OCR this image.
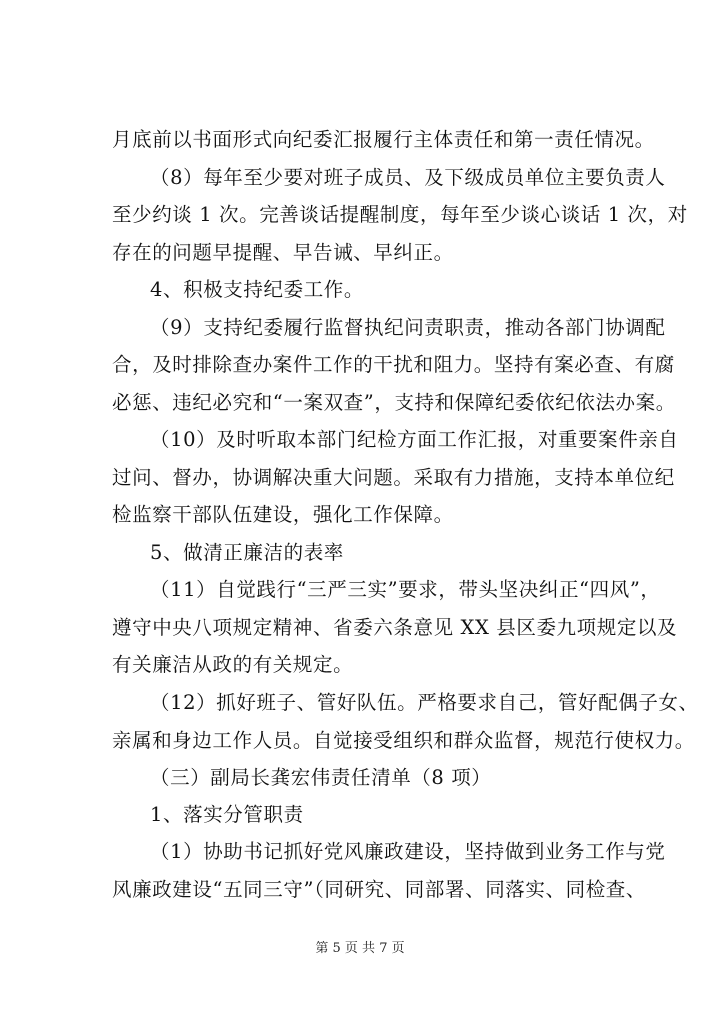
月底前以书面形式向纪委汇报履行主体责任和第一责任情况。
（8）每年至少要对班子成员、及下级成员单位主要负责人
至少约谈 1 次。完善谈话提醒制度，每年至少谈心谈话 1 次，对
存在的问题早提醒、早告诫、早纠正。
4、积极支持纪委工作。
（9）支持纪委履行监督执纪问责职责，推动各部门协调配
合，及时排除查办案件工作的干扰和阻力。坚持有案必查、有腐
必惩、违纪必究和“一案双查”，支持和保障纪委依纪依法办案。
（10）及时听取本部门纪检方面工作汇报，对重要案件亲自
过问、督办，协调解决重大问题。采取有力措施，支持本单位纪
检监察干部队伍建设，强化工作保障。
5、做清正廉洁的表率
（11）自觉践行“三严三实”要求，带头坚决纠正“四风”，
遵守中央八项规定精神、省委六条意见 XX 县区委九项规定以及
有关廉洁从政的有关规定。
（12）抓好班子、管好队伍。严格要求自己，管好配偶子女、
亲属和身边工作人员。自觉接受组织和群众监督，规范行使权力。
（三）副局长龚宏伟责任清单（8 项）
1、落实分管职责
（1）协助书记抓好党风廉政建设，坚持做到业务工作与党
第 5 页 共 7 页
风廉政建设“五同三守”（同研究、同部署、同落实、同检查、
